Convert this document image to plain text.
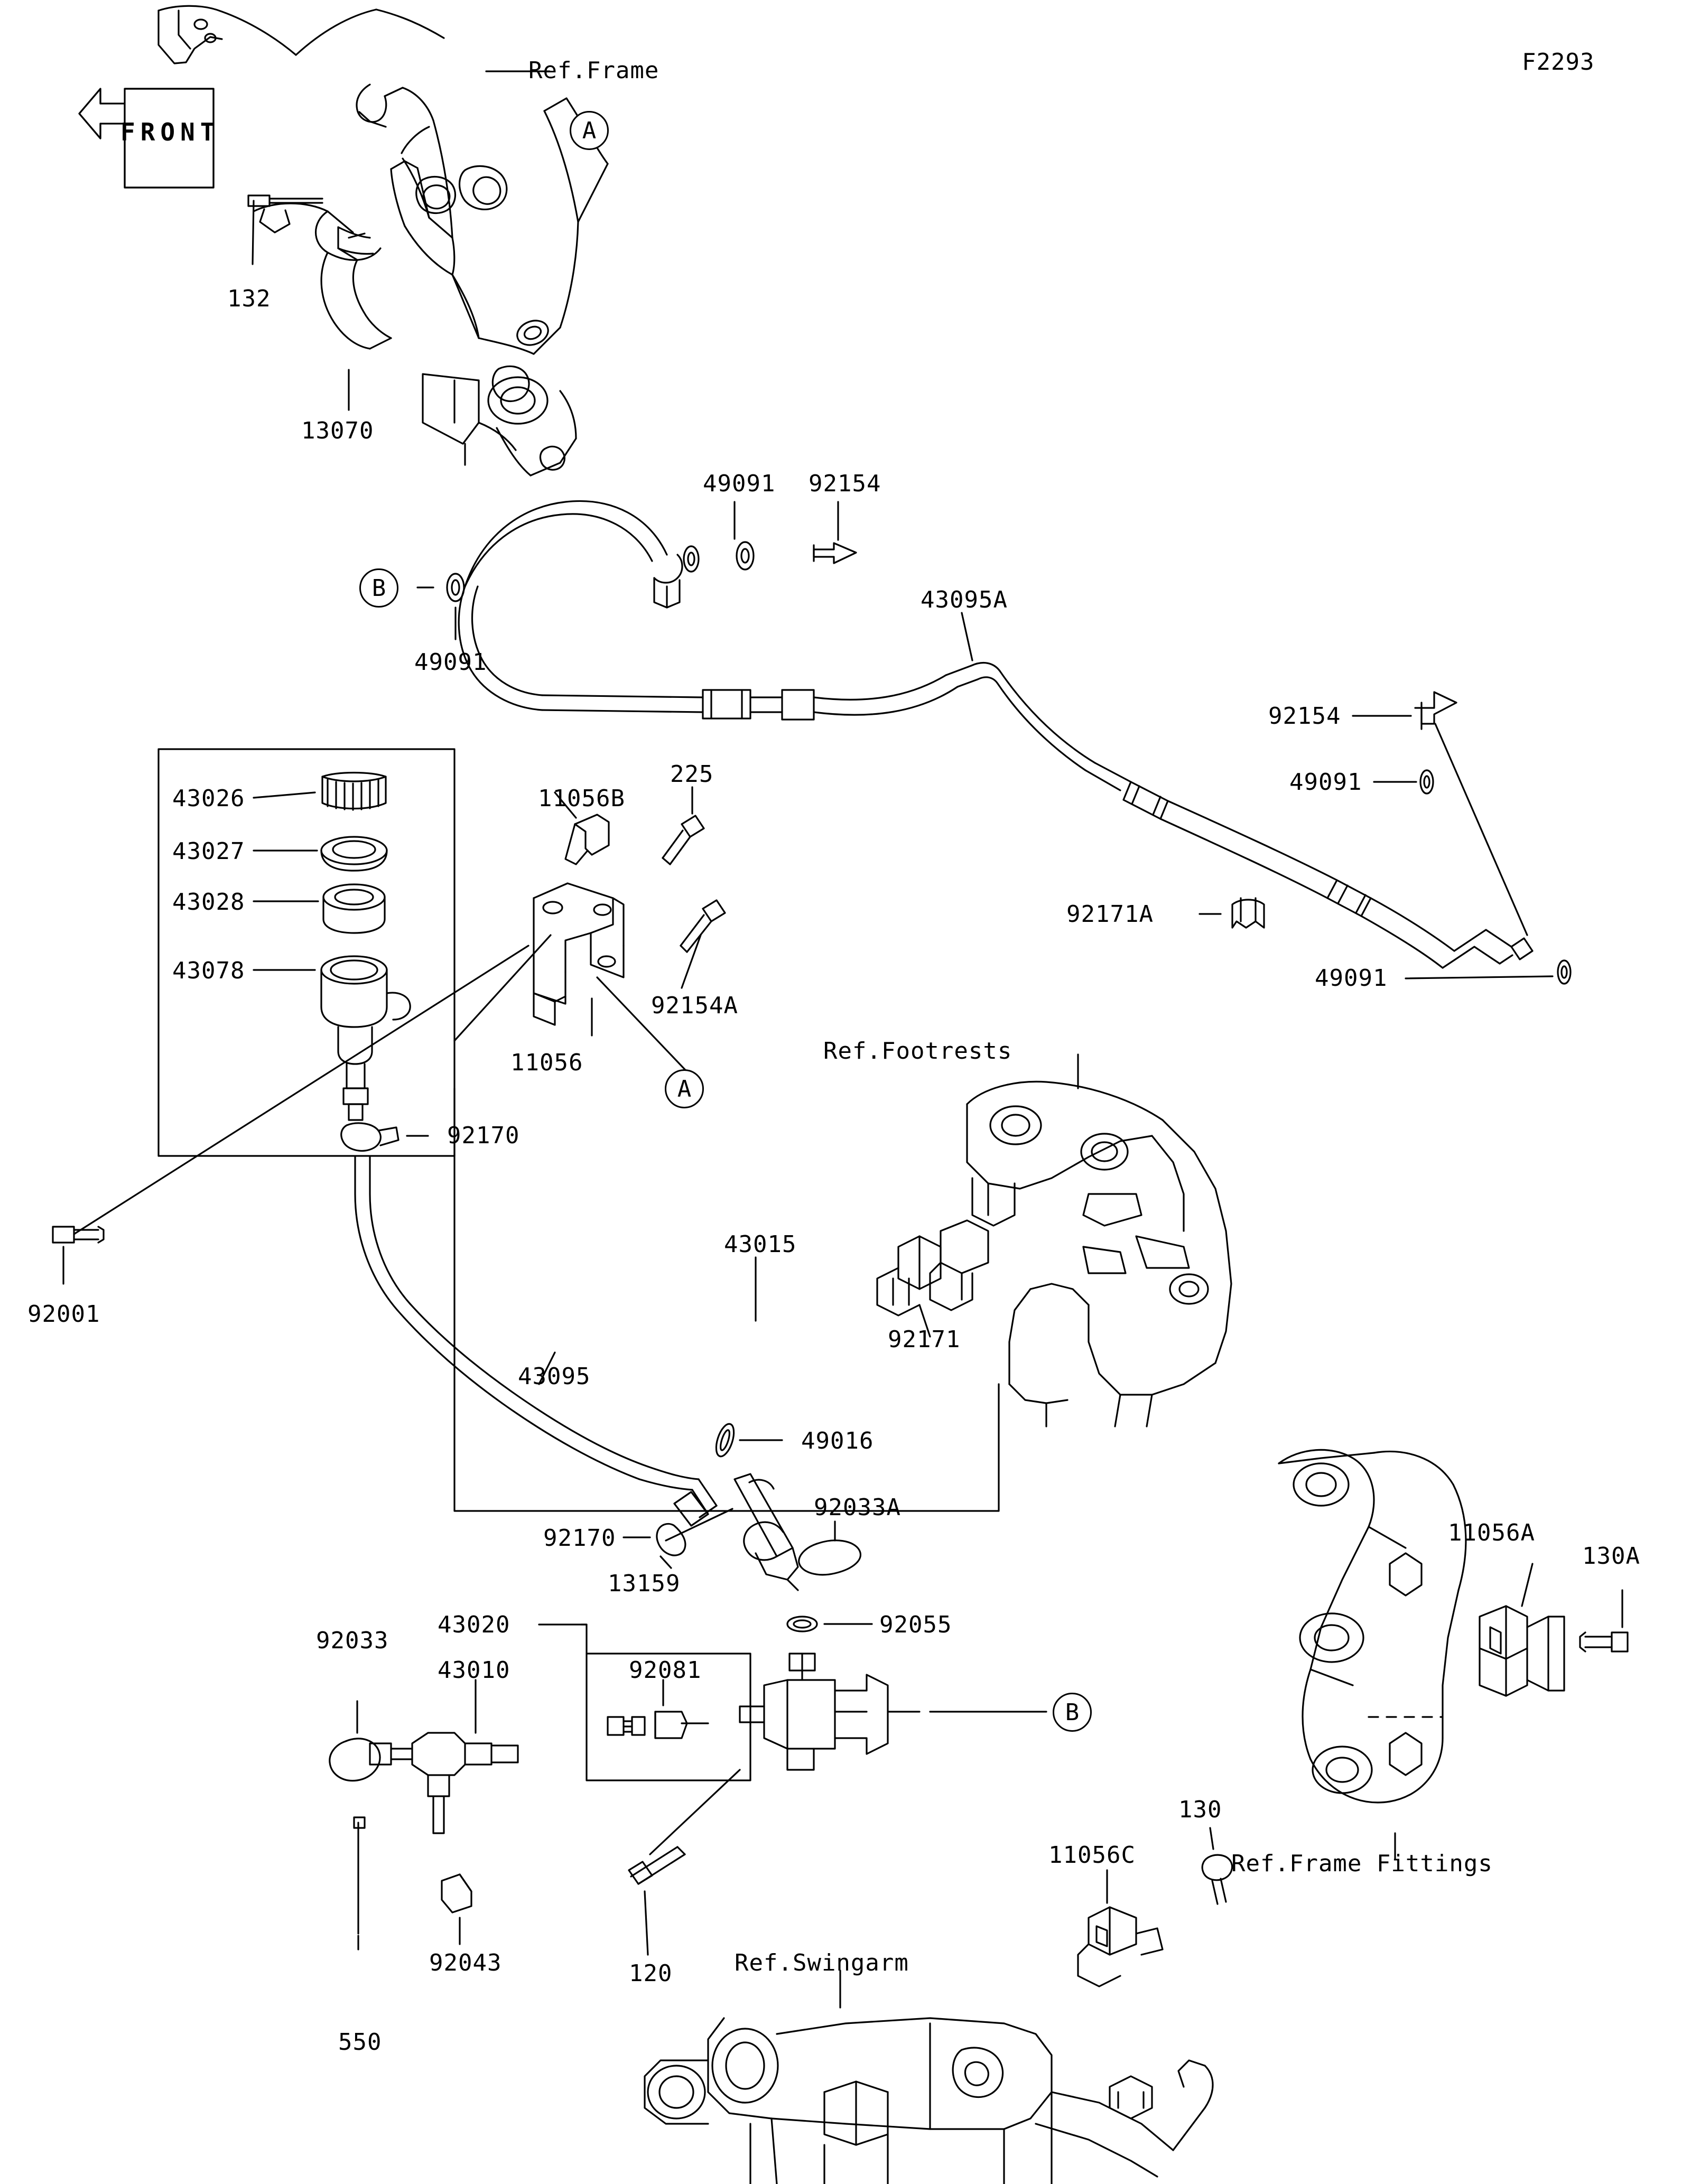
F2293
FRONT
Ref.Frame
Ref.Footrests
Ref.Swingarm
Ref.Frame Fittings
A
A
B
B
132
13070
49091 92154
43095A
49091
92154
49091
49091
92171A
43026
43027
43028
43078
11056B
225
92154A
11056
92170
92001
43015
92171
43095
49016
92033A
92170
13159
92055
43020
43010	92081
92033
92043
550
120
11056C
130
11056A
130A
